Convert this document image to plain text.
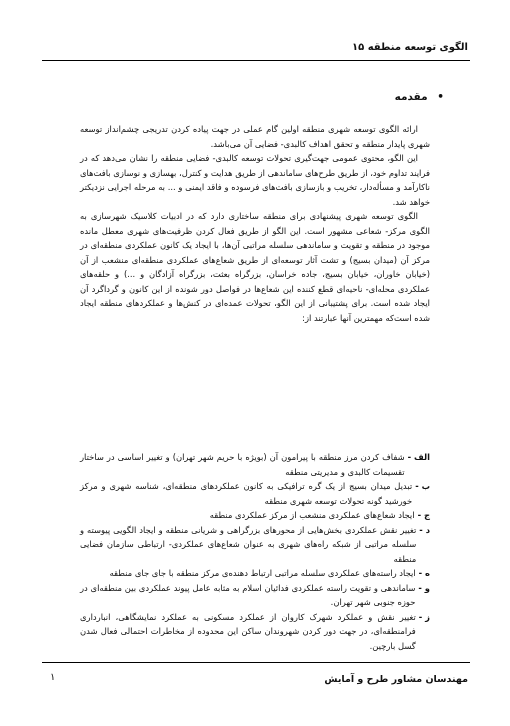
الگوی توسعه منطقه ۱۵
• مقدمه

ارائه الگوی توسعه شهری منطقه اولین گام عملی در جهت پیاده کردن تدریجی چشم‌انداز توسعه شهری پایدار منطقه و تحقق اهداف کالبدی- فضایی آن می‌باشد.

این الگو، محتوی عمومی جهت‌گیری تحولات توسعه کالبدی- فضایی منطقه را نشان می‌دهد که در فرایند تداوم خود، از طریق طرح‌های ساماندهی از طریق هدایت و کنترل، بهسازی و نوسازی بافت‌های ناکارآمد و مسأله‌دار، تخریب و بازسازی بافت‌های فرسوده و فاقد ایمنی و ... به مرحله اجرایی نزدیکتر خواهد شد.

الگوی توسعه شهری پیشنهادی برای منطقه ساختاری دارد که در ادبیات کلاسیک شهرسازی به الگوی مرکز- شعاعی مشهور است. این الگو از طریق فعال کردن ظرفیت‌های شهری معطل مانده موجود در منطقه و تقویت و ساماندهی سلسله مراتبی آن‌ها، با ایجاد یک کانون عملکردی منطقه‌ای در مرکز آن (میدان بسیج) و تشت آثار توسعه‌ای از طریق شعاع‌های عملکردی منطقه‌ای منشعب از آن (خیابان خاوران، خیابان بسیج، جاده خراسان، بزرگراه بعثت، بزرگراه آزادگان و ...) و حلقه‌های عملکردی محله‌ای- ناحیه‌ای قطع کننده این شعاع‌ها در فواصل دور شونده از این کانون و گرداگرد آن ایجاد شده است. برای پشتیبانی از این الگو، تحولات عمده‌ای در کنش‌ها و عملکردهای منطقه ایجاد شده است‌که مهمترین آنها عبارتند از:

الف -
شفاف کردن مرز منطقه با پیرامون آن (بویژه با حریم شهر تهران) و تغییر اساسی در ساختار تقسیمات کالبدی و مدیریتی منطقه
ب -
تبدیل میدان بسیج از یک گره ترافیکی به کانون عملکردهای منطقه‌ای، شناسه شهری و مرکز خورشید گونه تحولات توسعه شهری منطقه
ج -
ایجاد شعاع‌های عملکردی منشعب از مرکز عملکردی منطقه
د -
تغییر نقش عملکردی بخش‌هایی از محورهای بزرگراهی و شریانی منطقه و ایجاد الگویی پیوسته و سلسله مراتبی از شبکه راه‌های شهری به عنوان شعاع‌های عملکردی- ارتباطی سازمان فضایی منطقه
ه -
ایجاد راسته‌های عملکردی سلسله مراتبی ارتباط دهنده‌ی مرکز منطقه با جای جای منطقه
و -
ساماندهی و تقویت راسته عملکردی فدائیان اسلام به مثابه عامل پیوند عملکردی بین منطقه‌ای در حوزه جنوبی شهر تهران.
ز -
تغییر نقش و عملکرد شهرک کاروان از عملکرد مسکونی به عملکرد نمایشگاهی، انبارداری فرامنطقه‌ای، در جهت دور کردن شهروندان ساکن این محدوده از مخاطرات احتمالی فعال شدن گسل بارچین.
مهندسان مشاور طرح و آمایش
۱
